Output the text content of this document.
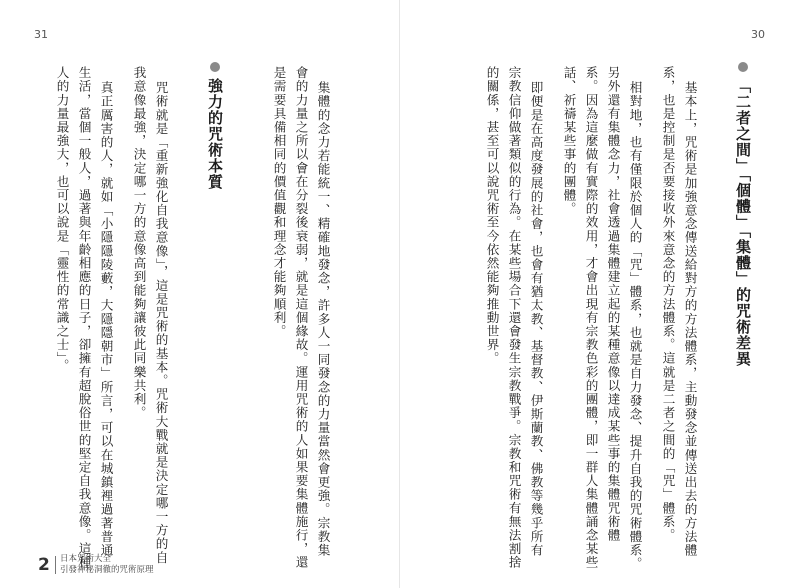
30
「二者之間」「個體」「集體」的咒術差異
基本上，咒術是加強意念傳送給對方的方法體系，主動發念並傳送出去的方法體
系，也是控制是否要接收外來意念的方法體系。這就是二者之間的「咒」體系。
相對地，也有僅限於個人的「咒」體系，也就是自力發念、提升自我的咒術體系。
另外還有集體念力，社會透過集體建立起的某種意像以達成某些事的集體咒術體
系。因為這麼做有實際的效用，才會出現有宗教色彩的團體，即一群人集體誦念某些
話、祈禱某些事的團體。
即便是在高度發展的社會，也會有猶太教、基督教、伊斯蘭教、佛教等幾乎所有
宗教信仰做著類似的行為。在某些場合下還會發生宗教戰爭。宗教和咒術有無法割捨
的關係，甚至可以說咒術至今依然能夠推動世界。
31
集體的念力若能統一、精確地發念，許多人一同發念的力量當然會更強。宗教集
會的力量之所以會在分裂後衰弱，就是這個緣故。運用咒術的人如果要集體施行，還
是需要具備相同的價值觀和理念才能夠順利。
強力的咒術本質
咒術就是「重新強化自我意像」，這是咒術的基本。咒術大戰就是決定哪一方的自
我意像最強，決定哪一方的意像高到能夠讓彼此同樂共利。
真正厲害的人，就如「小隱隱陵藪，大隱隱朝市」所言，可以在城鎮裡過著普通
生活，當個一般人，過著與年齡相應的日子，卻擁有超脫俗世的堅定自我意像。這種
人的力量最強大，也可以說是「靈性的常識之士」。
2 日本咒術大全
引發神秘洞徹的咒術原理
